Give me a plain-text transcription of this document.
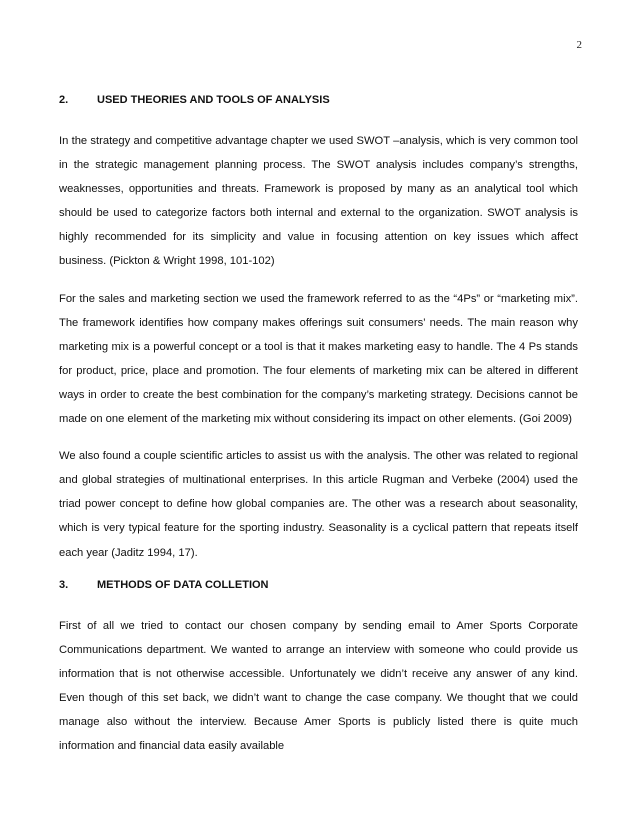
2
2.	USED THEORIES AND TOOLS OF ANALYSIS

In the strategy and competitive advantage chapter we used SWOT –analysis, which is very common tool in the strategic management planning process. The SWOT analysis includes company’s strengths, weaknesses, opportunities and threats. Framework is proposed by many as an analytical tool which should be used to categorize factors both internal and external to the organization. SWOT analysis is highly recommended for its simplicity and value in focusing attention on key issues which affect business. (Pickton & Wright 1998, 101-102)

For the sales and marketing section we used the framework referred to as the “4Ps” or “marketing mix”. The framework identifies how company makes offerings suit consumers’ needs. The main reason why marketing mix is a powerful concept or a tool is that it makes marketing easy to handle. The 4 Ps stands for product, price, place and promotion. The four elements of marketing mix can be altered in different ways in order to create the best combination for the company’s marketing strategy. Decisions cannot be made on one element of the marketing mix without considering its impact on other elements. (Goi 2009)

We also found a couple scientific articles to assist us with the analysis. The other was related to regional and global strategies of multinational enterprises. In this article Rugman and Verbeke (2004) used the triad power concept to define how global companies are. The other was a research about seasonality, which is very typical feature for the sporting industry. Seasonality is a cyclical pattern that repeats itself each year (Jaditz 1994, 17).

3.	METHODS OF DATA COLLETION

First of all we tried to contact our chosen company by sending email to Amer Sports Corporate Communications department. We wanted to arrange an interview with someone who could provide us information that is not otherwise accessible. Unfortunately we didn’t receive any answer of any kind. Even though of this set back, we didn’t want to change the case company. We thought that we could manage also without the interview. Because Amer Sports is publicly listed there is quite much information and financial data easily available
